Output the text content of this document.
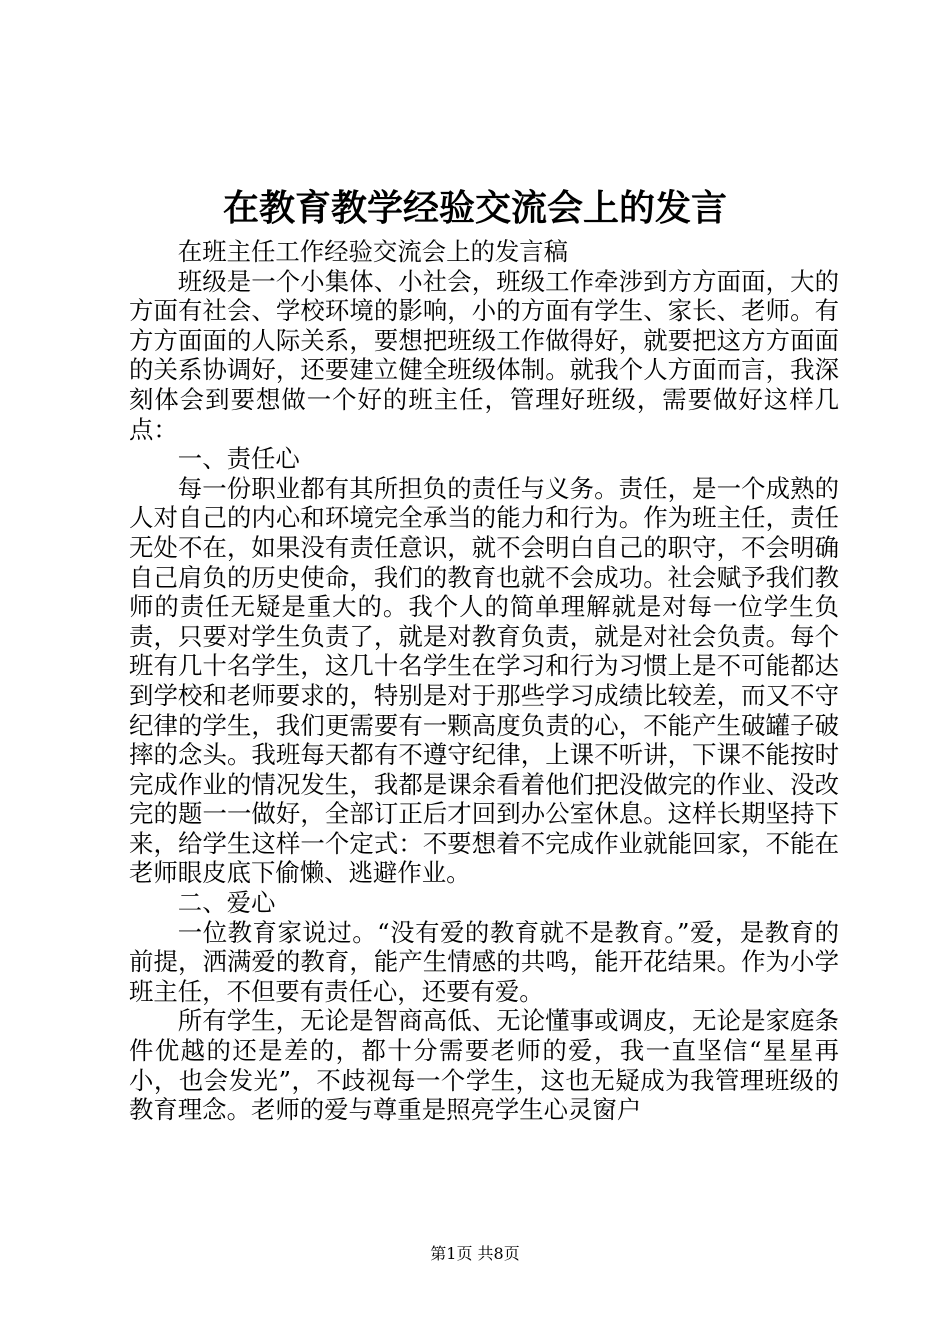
在教育教学经验交流会上的发言

在班主任工作经验交流会上的发言稿

班级是一个小集体、小社会，班级工作牵涉到方方面面，大的方面有社会、学校环境的影响，小的方面有学生、家长、老师。有方方面面的人际关系，要想把班级工作做得好，就要把这方方面面的关系协调好，还要建立健全班级体制。就我个人方面而言，我深刻体会到要想做一个好的班主任，管理好班级，需要做好这样几点：

一、责任心

每一份职业都有其所担负的责任与义务。责任，是一个成熟的人对自己的内心和环境完全承当的能力和行为。作为班主任，责任无处不在，如果没有责任意识，就不会明白自己的职守，不会明确自己肩负的历史使命，我们的教育也就不会成功。社会赋予我们教师的责任无疑是重大的。我个人的简单理解就是对每一位学生负责，只要对学生负责了，就是对教育负责，就是对社会负责。每个班有几十名学生，这几十名学生在学习和行为习惯上是不可能都达到学校和老师要求的，特别是对于那些学习成绩比较差，而又不守纪律的学生，我们更需要有一颗高度负责的心，不能产生破罐子破摔的念头。我班每天都有不遵守纪律，上课不听讲，下课不能按时完成作业的情况发生，我都是课余看着他们把没做完的作业、没改完的题一一做好，全部订正后才回到办公室休息。这样长期坚持下来，给学生这样一个定式：不要想着不完成作业就能回家，不能在老师眼皮底下偷懒、逃避作业。

二、爱心

一位教育家说过。“没有爱的教育就不是教育。”爱，是教育的前提，洒满爱的教育，能产生情感的共鸣，能开花结果。作为小学班主任，不但要有责任心，还要有爱。

所有学生，无论是智商高低、无论懂事或调皮，无论是家庭条件优越的还是差的，都十分需要老师的爱，我一直坚信“星星再小，也会发光”，不歧视每一个学生，这也无疑成为我管理班级的教育理念。老师的爱与尊重是照亮学生心灵窗户

第1页 共8页
